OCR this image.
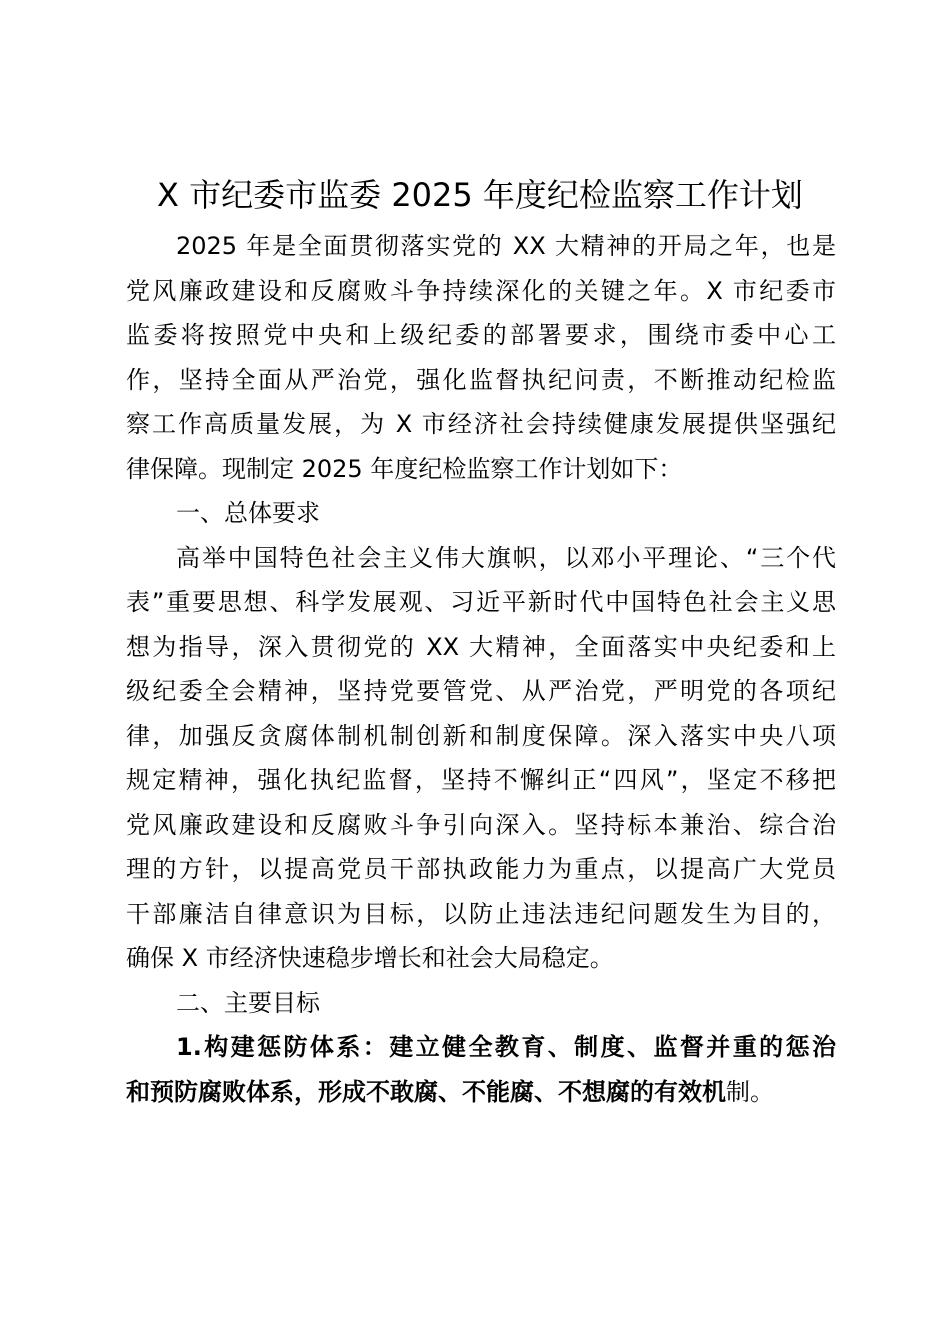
X 市纪委市监委 2025 年度纪检监察工作计划
2025 年是全面贯彻落实党的 XX 大精神的开局之年，也是
党风廉政建设和反腐败斗争持续深化的关键之年。X 市纪委市
监委将按照党中央和上级纪委的部署要求，围绕市委中心工
作，坚持全面从严治党，强化监督执纪问责，不断推动纪检监
察工作高质量发展，为 X 市经济社会持续健康发展提供坚强纪
律保障。现制定 2025 年度纪检监察工作计划如下：
一、总体要求
高举中国特色社会主义伟大旗帜，以邓小平理论、“三个代
表”重要思想、科学发展观、习近平新时代中国特色社会主义思
想为指导，深入贯彻党的 XX 大精神，全面落实中央纪委和上
级纪委全会精神，坚持党要管党、从严治党，严明党的各项纪
律，加强反贪腐体制机制创新和制度保障。深入落实中央八项
规定精神，强化执纪监督，坚持不懈纠正“四风”，坚定不移把
党风廉政建设和反腐败斗争引向深入。坚持标本兼治、综合治
理的方针，以提高党员干部执政能力为重点，以提高广大党员
干部廉洁自律意识为目标，以防止违法违纪问题发生为目的，
确保 X 市经济快速稳步增长和社会大局稳定。
二、主要目标
1.构建惩防体系：建立健全教育、制度、监督并重的惩治
和预防腐败体系，形成不敢腐、不能腐、不想腐的有效机制。
